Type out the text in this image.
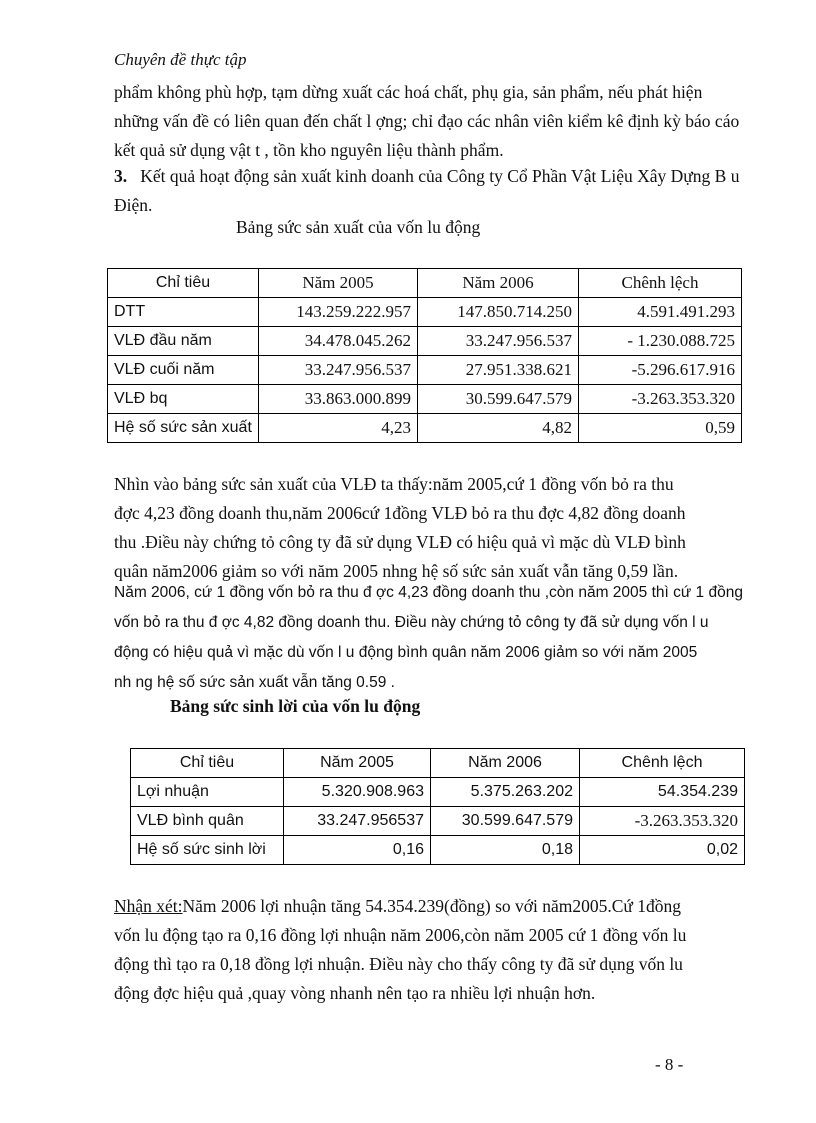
Chuyên đề thực tập
phẩm không phù hợp, tạm dừng xuất các hoá chất, phụ gia, sản phẩm, nếu phát hiện
những vấn đề có liên quan đến chất l ợng; chỉ đạo các nhân viên kiểm kê định kỳ báo cáo
kết quả sử dụng vật t , tồn kho nguyên liệu thành phẩm.
3. Kết quả hoạt động sản xuất kinh doanh của Công ty Cổ Phần Vật Liệu Xây Dựng B u
Điện.
Bảng sức sản xuất của vốn lu động
Chỉ tiêu	Năm 2005	Năm 2006	Chênh lệch
DTT	143.259.222.957	147.850.714.250	4.591.491.293
VLĐ đầu năm	34.478.045.262	33.247.956.537	- 1.230.088.725
VLĐ cuối năm	33.247.956.537	27.951.338.621	-5.296.617.916
VLĐ bq	33.863.000.899	30.599.647.579	-3.263.353.320
Hệ số sức sản xuất	4,23	4,82	0,59
Nhìn vào bảng sức sản xuất của VLĐ ta thấy:năm 2005,cứ 1 đồng vốn bỏ ra thu
đợc 4,23 đồng doanh thu,năm 2006cứ 1đồng VLĐ bỏ ra thu đợc 4,82 đồng doanh
thu .Điều này chứng tỏ công ty đã sử dụng VLĐ có hiệu quả vì mặc dù VLĐ bình
quân năm2006 giảm so với năm 2005 nhng hệ số sức sản xuất vẫn tăng 0,59 lần.
Năm 2006, cứ 1 đồng vốn bỏ ra thu đ ợc 4,23 đồng doanh thu ,còn năm 2005 thì cứ 1 đồng
vốn bỏ ra thu đ ợc 4,82 đồng doanh thu. Điều này chứng tỏ công ty đã sử dụng vốn l u
động có hiệu quả vì mặc dù vốn l u động bình quân năm 2006 giảm so với năm 2005
nh ng hệ số sức sản xuất vẫn tăng 0.59 .
Bảng sức sinh lời của vốn lu động
Chỉ tiêu	Năm 2005	Năm 2006	Chênh lệch
Lợi nhuận	5.320.908.963	5.375.263.202	54.354.239
VLĐ bình quân	33.247.956537	30.599.647.579	-3.263.353.320
Hệ số sức sinh lời	0,16	0,18	0,02
Nhận xét:Năm 2006 lợi nhuận tăng 54.354.239(đồng) so với năm2005.Cứ 1đồng
vốn lu động tạo ra 0,16 đồng lợi nhuận năm 2006,còn năm 2005 cứ 1 đồng vốn lu
động thì tạo ra 0,18 đồng lợi nhuận. Điều này cho thấy công ty đã sử dụng vốn lu
động đợc hiệu quả ,quay vòng nhanh nên tạo ra nhiều lợi nhuận hơn.
- 8 -
